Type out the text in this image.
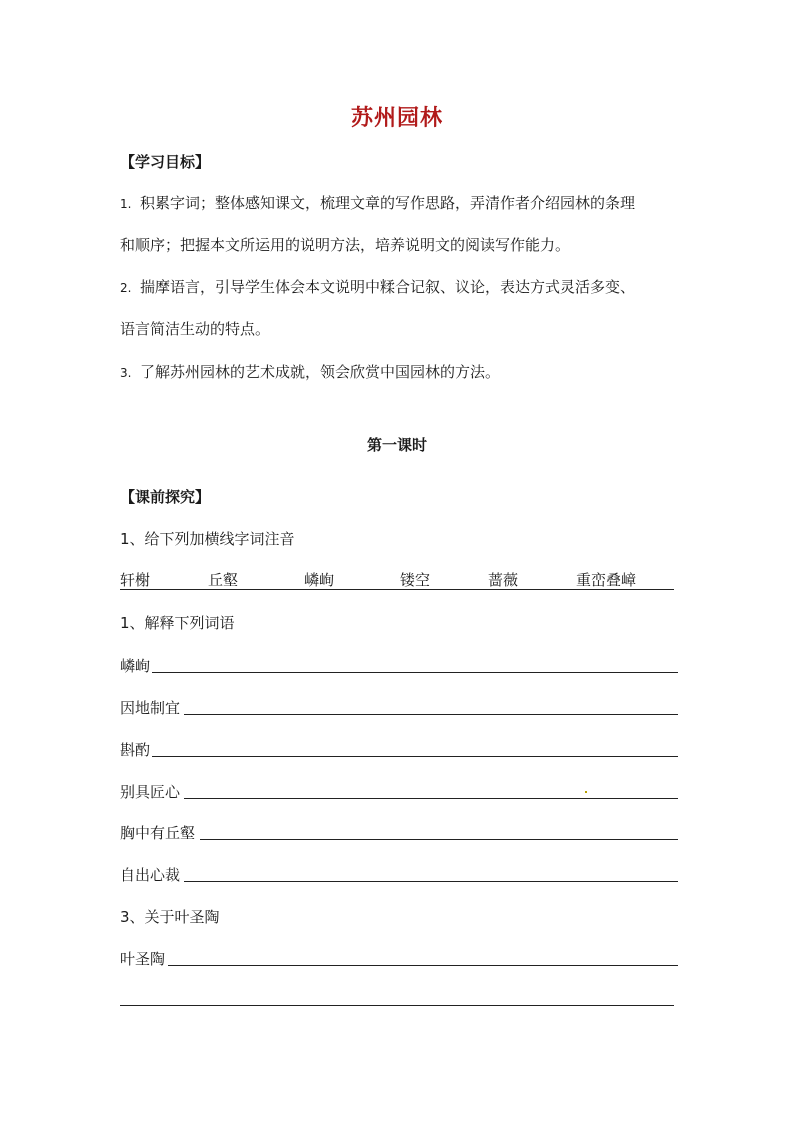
苏州园林
【学习目标】
1. 积累字词；整体感知课文，梳理文章的写作思路，弄清作者介绍园林的条理
和顺序；把握本文所运用的说明方法，培养说明文的阅读写作能力。
2. 揣摩语言，引导学生体会本文说明中糅合记叙、议论，表达方式灵活多变、
语言简洁生动的特点。
3. 了解苏州园林的艺术成就，领会欣赏中国园林的方法。
第一课时
【课前探究】
1、给下列加横线字词注音
轩榭	丘壑	嶙峋	镂空	蔷薇	重峦叠嶂
1、解释下列词语
嶙峋
因地制宜
斟酌
别具匠心
胸中有丘壑
自出心裁
3、关于叶圣陶
叶圣陶
